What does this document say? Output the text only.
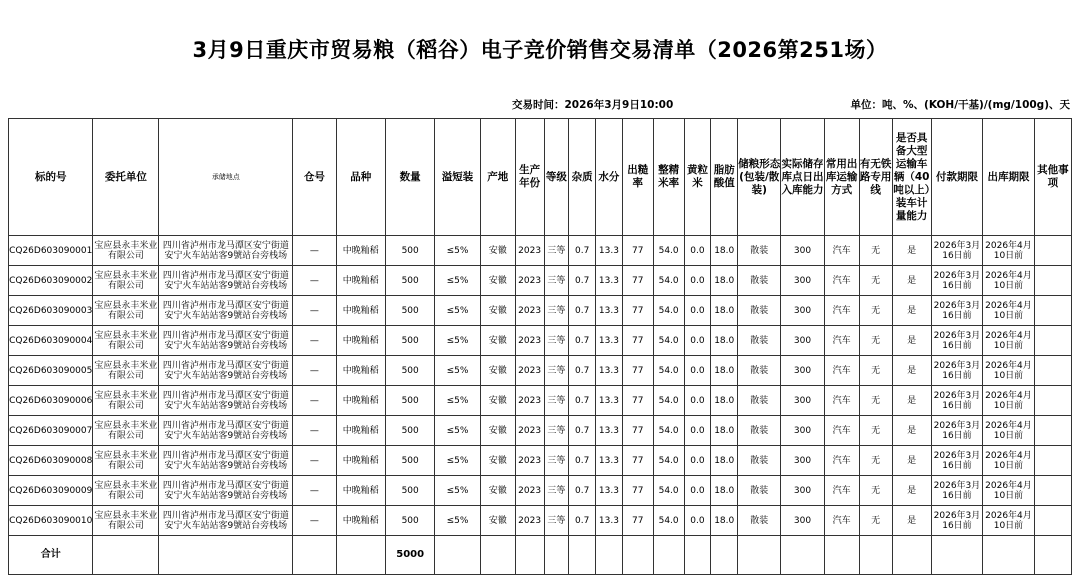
3月9日重庆市贸易粮（稻谷）电子竞价销售交易清单（2026第251场）
交易时间：2026年3月9日10:00	单位：吨、%、(KOH/干基)/(mg/100g)、天
标的号	委托单位	承储地点	仓号	品种	数量	溢短装	产地	生产年份	等级	杂质	水分	出糙率	整精米率	黄粒米	脂肪酸值	储粮形态(包装/散装)	实际储存库点日出入库能力	常用出库运输方式	有无铁路专用线	是否具备大型运输车辆（40吨以上）装车计量能力	付款期限	出库期限	其他事项
CQ26D603090001	宝应县永丰米业有限公司	四川省泸州市龙马潭区安宁街道安宁火车站站客9號站台旁栈场	—	中晚籼稻	500	≤5%	安徽	2023	三等	0.7	13.3	77	54.0	0.0	18.0	散装	300	汽车	无	是	2026年3月16日前	2026年4月10日前	
CQ26D603090002	宝应县永丰米业有限公司	四川省泸州市龙马潭区安宁街道安宁火车站站客9號站台旁栈场	—	中晚籼稻	500	≤5%	安徽	2023	三等	0.7	13.3	77	54.0	0.0	18.0	散装	300	汽车	无	是	2026年3月16日前	2026年4月10日前	
CQ26D603090003	宝应县永丰米业有限公司	四川省泸州市龙马潭区安宁街道安宁火车站站客9號站台旁栈场	—	中晚籼稻	500	≤5%	安徽	2023	三等	0.7	13.3	77	54.0	0.0	18.0	散装	300	汽车	无	是	2026年3月16日前	2026年4月10日前	
CQ26D603090004	宝应县永丰米业有限公司	四川省泸州市龙马潭区安宁街道安宁火车站站客9號站台旁栈场	—	中晚籼稻	500	≤5%	安徽	2023	三等	0.7	13.3	77	54.0	0.0	18.0	散装	300	汽车	无	是	2026年3月16日前	2026年4月10日前	
CQ26D603090005	宝应县永丰米业有限公司	四川省泸州市龙马潭区安宁街道安宁火车站站客9號站台旁栈场	—	中晚籼稻	500	≤5%	安徽	2023	三等	0.7	13.3	77	54.0	0.0	18.0	散装	300	汽车	无	是	2026年3月16日前	2026年4月10日前	
CQ26D603090006	宝应县永丰米业有限公司	四川省泸州市龙马潭区安宁街道安宁火车站站客9號站台旁栈场	—	中晚籼稻	500	≤5%	安徽	2023	三等	0.7	13.3	77	54.0	0.0	18.0	散装	300	汽车	无	是	2026年3月16日前	2026年4月10日前	
CQ26D603090007	宝应县永丰米业有限公司	四川省泸州市龙马潭区安宁街道安宁火车站站客9號站台旁栈场	—	中晚籼稻	500	≤5%	安徽	2023	三等	0.7	13.3	77	54.0	0.0	18.0	散装	300	汽车	无	是	2026年3月16日前	2026年4月10日前	
CQ26D603090008	宝应县永丰米业有限公司	四川省泸州市龙马潭区安宁街道安宁火车站站客9號站台旁栈场	—	中晚籼稻	500	≤5%	安徽	2023	三等	0.7	13.3	77	54.0	0.0	18.0	散装	300	汽车	无	是	2026年3月16日前	2026年4月10日前	
CQ26D603090009	宝应县永丰米业有限公司	四川省泸州市龙马潭区安宁街道安宁火车站站客9號站台旁栈场	—	中晚籼稻	500	≤5%	安徽	2023	三等	0.7	13.3	77	54.0	0.0	18.0	散装	300	汽车	无	是	2026年3月16日前	2026年4月10日前	
CQ26D603090010	宝应县永丰米业有限公司	四川省泸州市龙马潭区安宁街道安宁火车站站客9號站台旁栈场	—	中晚籼稻	500	≤5%	安徽	2023	三等	0.7	13.3	77	54.0	0.0	18.0	散装	300	汽车	无	是	2026年3月16日前	2026年4月10日前	
合计					5000																		
